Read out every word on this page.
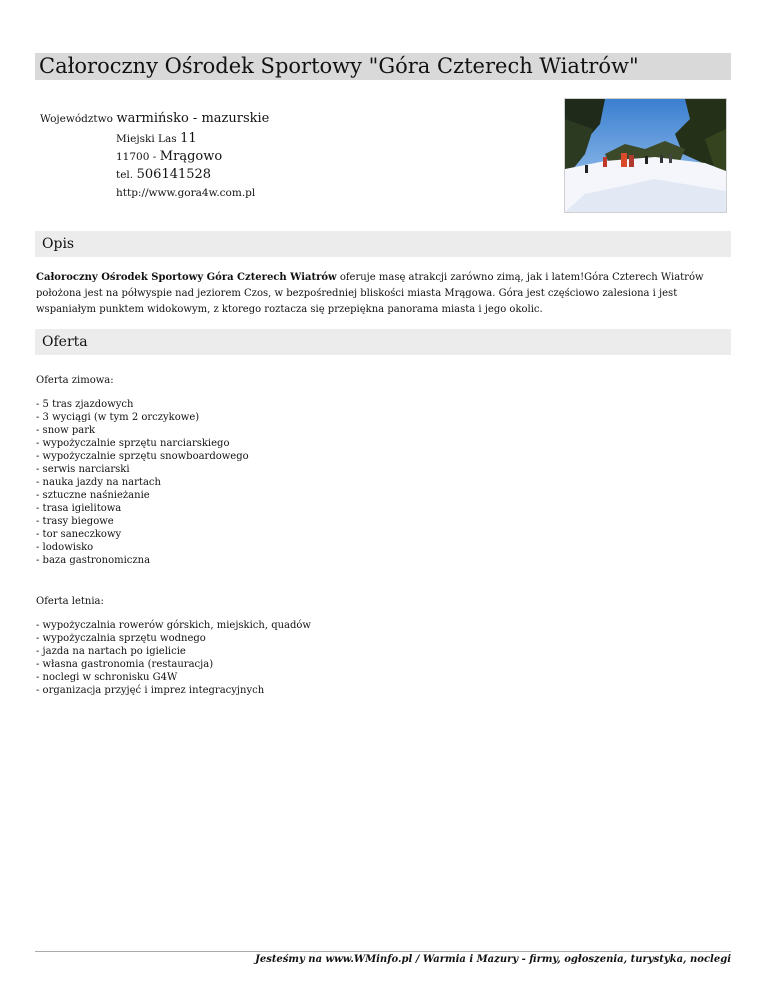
Całoroczny Ośrodek Sportowy "Góra Czterech Wiatrów"
Województwo warmińsko - mazurskie
Miejski Las 11
11700 - Mrągowo
tel. 506141528
http://www.gora4w.com.pl
Opis
Całoroczny Ośrodek Sportowy Góra Czterech Wiatrów oferuje masę atrakcji zarówno zimą, jak i latem!Góra Czterech Wiatrów położona jest na półwyspie nad jeziorem Czos, w bezpośredniej bliskości miasta Mrągowa. Góra jest częściowo zalesiona i jest wspaniałym punktem widokowym, z ktorego roztacza się przepiękna panorama miasta i jego okolic.
Oferta
Oferta zimowa:
- 5 tras zjazdowych
- 3 wyciągi (w tym 2 orczykowe)
- snow park
- wypożyczalnie sprzętu narciarskiego
- wypożyczalnie sprzętu snowboardowego
- serwis narciarski
- nauka jazdy na nartach
- sztuczne naśnieżanie
- trasa igielitowa
- trasy biegowe
- tor saneczkowy
- lodowisko
- baza gastronomiczna
Oferta letnia:
- wypożyczalnia rowerów górskich, miejskich, quadów
- wypożyczalnia sprzętu wodnego
- jazda na nartach po igielicie
- własna gastronomia (restauracja)
- noclegi w schronisku G4W
- organizacja przyjęć i imprez integracyjnych
Jesteśmy na www.WMinfo.pl / Warmia i Mazury - firmy, ogłoszenia, turystyka, noclegi
